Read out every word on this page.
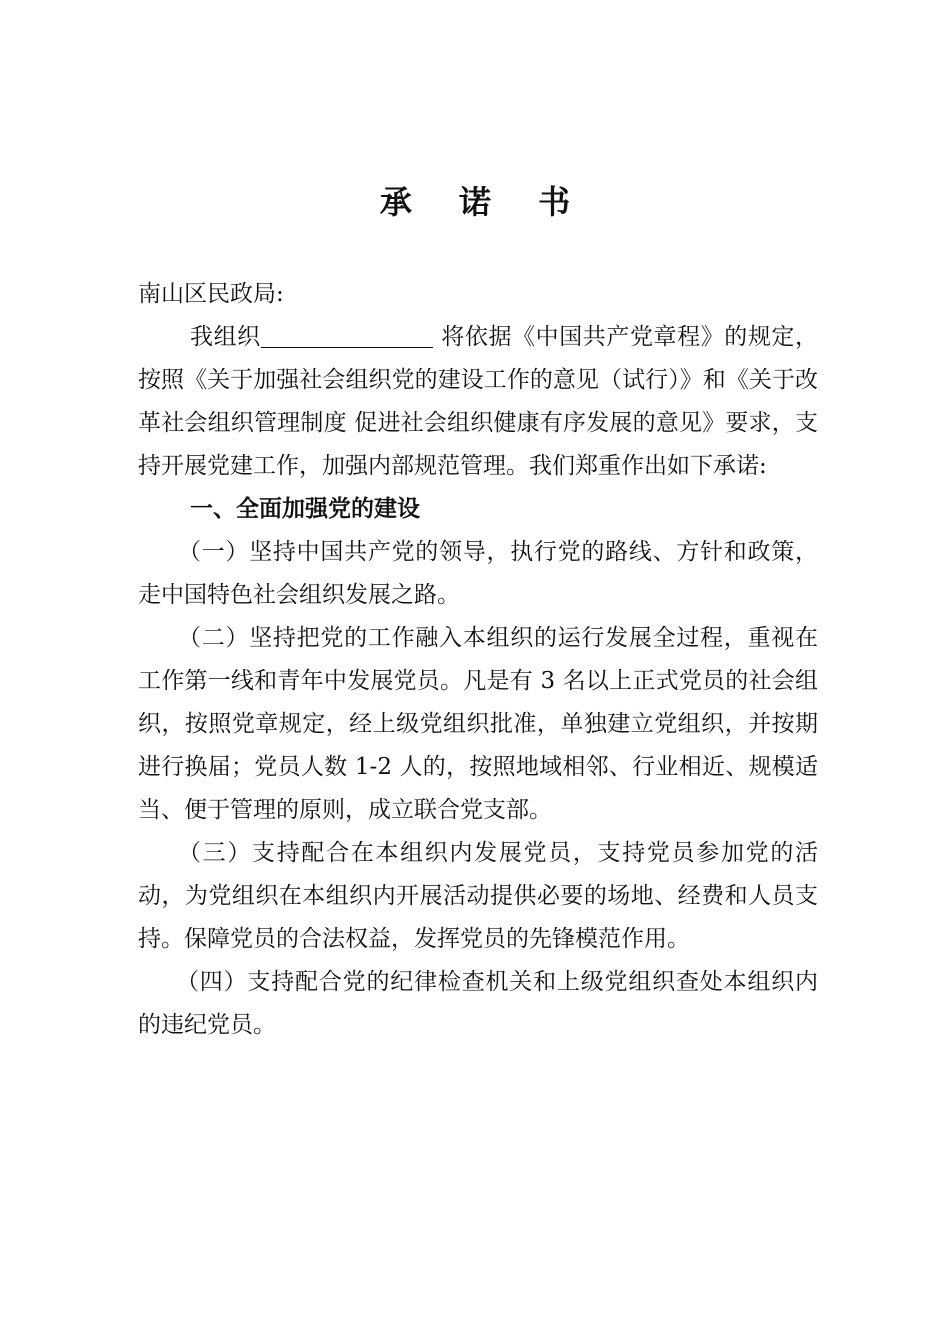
承 诺 书

南山区民政局:

我组织	将依据《中国共产党章程》的规定，按照《关于加强社会组织党的建设工作的意见（试行）》和《关于改革社会组织管理制度 促进社会组织健康有序发展的意见》要求，支持开展党建工作，加强内部规范管理。我们郑重作出如下承诺:

一、全面加强党的建设

（一）坚持中国共产党的领导，执行党的路线、方针和政策，走中国特色社会组织发展之路。

（二）坚持把党的工作融入本组织的运行发展全过程，重视在工作第一线和青年中发展党员。凡是有 3 名以上正式党员的社会组织，按照党章规定，经上级党组织批准，单独建立党组织，并按期进行换届；党员人数 1-2 人的，按照地域相邻、行业相近、规模适当、便于管理的原则，成立联合党支部。

（三）支持配合在本组织内发展党员，支持党员参加党的活动，为党组织在本组织内开展活动提供必要的场地、经费和人员支持。保障党员的合法权益，发挥党员的先锋模范作用。

（四）支持配合党的纪律检查机关和上级党组织查处本组织内的违纪党员。
